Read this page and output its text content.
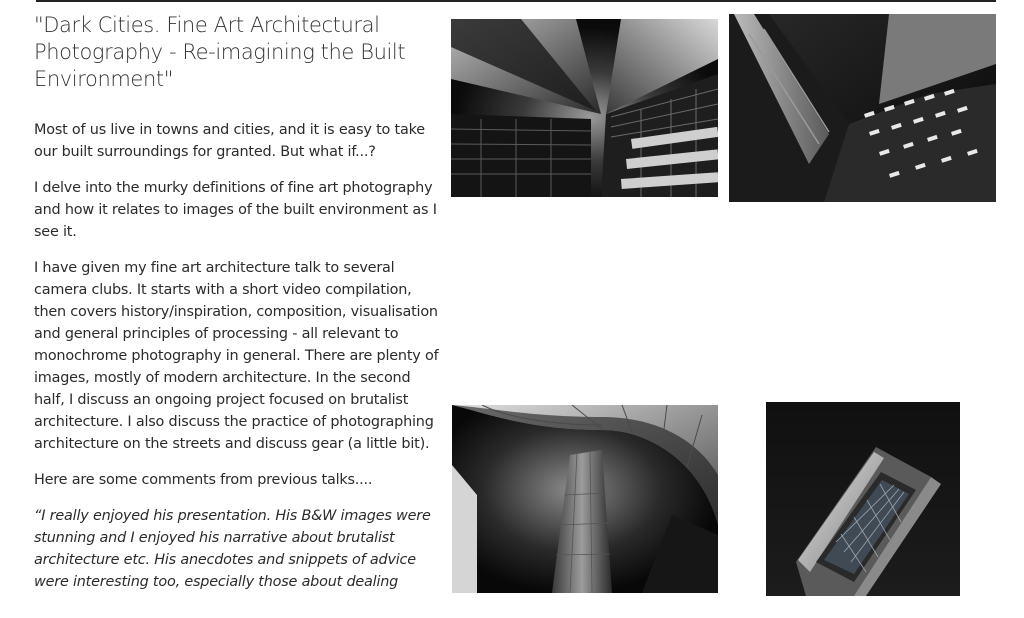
"Dark Cities. Fine Art Architectural
Photography - Re-imagining the Built
Environment"

Most of us live in towns and cities, and it is easy to take our built surroundings for granted. But what if...?

I delve into the murky definitions of fine art photography and how it relates to images of the built environment as I see it.

I have given my fine art architecture talk to several camera clubs. It starts with a short video compilation, then covers history/inspiration, composition, visualisation and general principles of processing - all relevant to monochrome photography in general. There are plenty of images, mostly of modern architecture. In the second half, I discuss an ongoing project focused on brutalist architecture. I also discuss the practice of photographing architecture on the streets and discuss gear (a little bit).

Here are some comments from previous talks....

“I really enjoyed his presentation. His B&W images were stunning and I enjoyed his narrative about brutalist architecture etc. His anecdotes and snippets of advice were interesting too, especially those about dealing
